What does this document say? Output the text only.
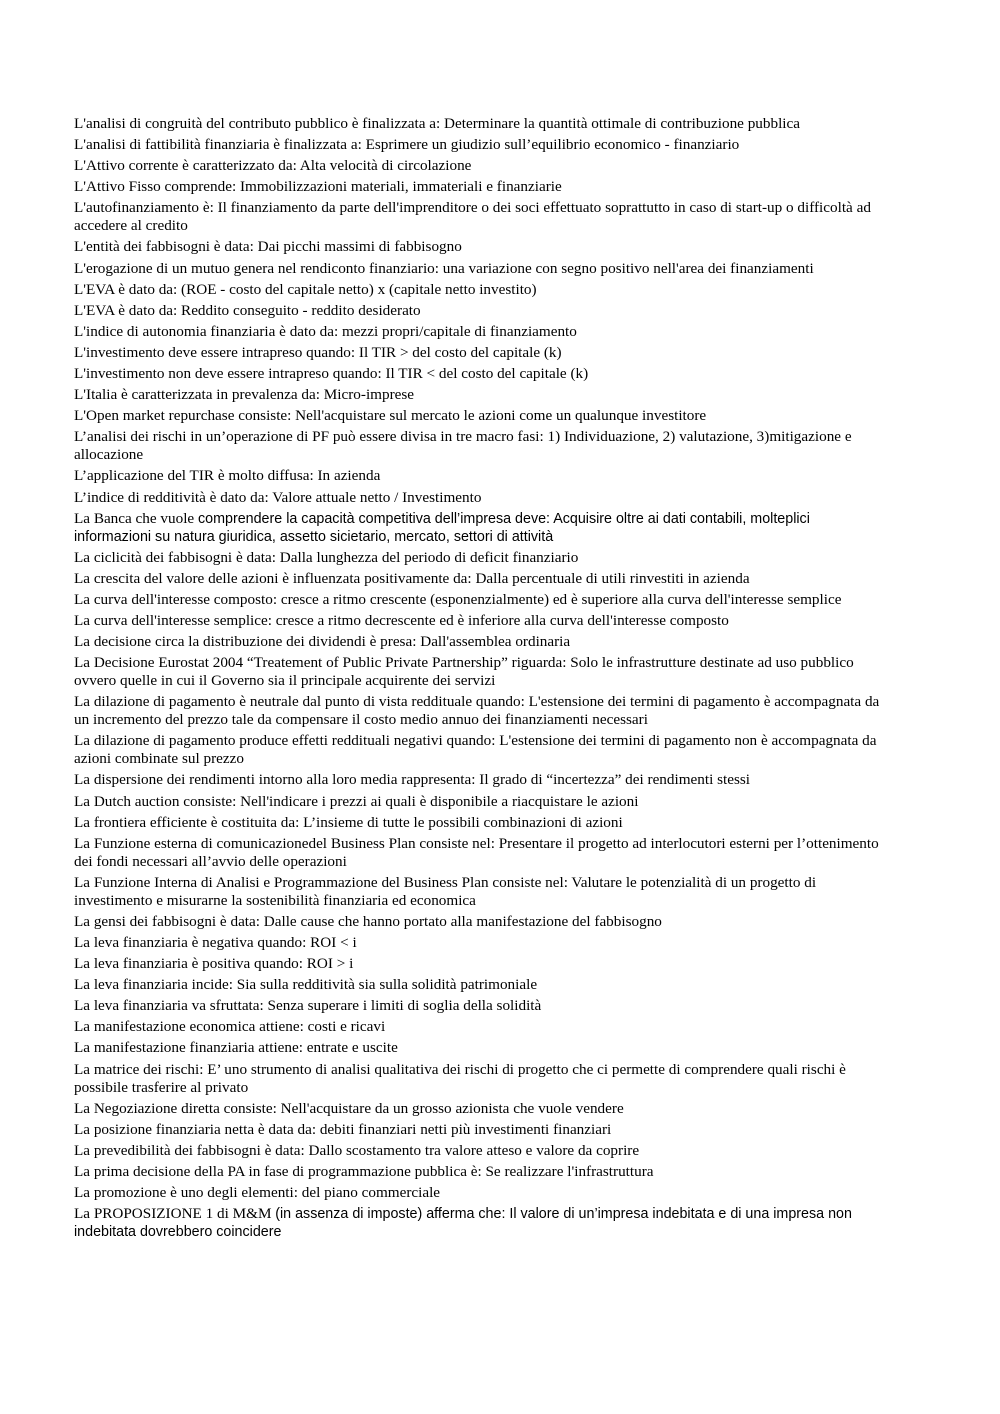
L'analisi di congruità del contributo pubblico è finalizzata a: Determinare la quantità ottimale di contribuzione pubblica

L'analisi di fattibilità finanziaria è finalizzata a: Esprimere un giudizio sull’equilibrio economico - finanziario

L'Attivo corrente è caratterizzato da: Alta velocità di circolazione

L'Attivo Fisso comprende: Immobilizzazioni materiali, immateriali e finanziarie

L'autofinanziamento è: Il finanziamento da parte dell'imprenditore o dei soci effettuato soprattutto in caso di start-up o difficoltà ad accedere al credito

L'entità dei fabbisogni è data: Dai picchi massimi di fabbisogno

L'erogazione di un mutuo genera nel rendiconto finanziario: una variazione con segno positivo nell'area dei finanziamenti

L'EVA è dato da: (ROE - costo del capitale netto) x (capitale netto investito)

L'EVA è dato da: Reddito conseguito - reddito desiderato

L'indice di autonomia finanziaria è dato da: mezzi propri/capitale di finanziamento

L'investimento deve essere intrapreso quando: Il TIR > del costo del capitale (k)

L'investimento non deve essere intrapreso quando: Il TIR < del costo del capitale (k)

L'Italia è caratterizzata in prevalenza da: Micro-imprese

L'Open market repurchase consiste: Nell'acquistare sul mercato le azioni come un qualunque investitore

L’analisi dei rischi in un’operazione di PF può essere divisa in tre macro fasi: 1) Individuazione, 2) valutazione, 3)mitigazione e allocazione

L’applicazione del TIR è molto diffusa: In azienda

L’indice di redditività è dato da: Valore attuale netto / Investimento

La Banca che vuole comprendere la capacità competitiva dell’impresa deve: Acquisire oltre ai dati contabili, molteplici informazioni su natura giuridica, assetto sicietario, mercato, settori di attività

La ciclicità dei fabbisogni è data: Dalla lunghezza del periodo di deficit finanziario

La crescita del valore delle azioni è influenzata positivamente da: Dalla percentuale di utili rinvestiti in azienda

La curva dell'interesse composto: cresce a ritmo crescente (esponenzialmente) ed è superiore alla curva dell'interesse semplice

La curva dell'interesse semplice: cresce a ritmo decrescente ed è inferiore alla curva dell'interesse composto

La decisione circa la distribuzione dei dividendi è presa: Dall'assemblea ordinaria

La Decisione Eurostat 2004 “Treatement of Public Private Partnership” riguarda: Solo le infrastrutture destinate ad uso pubblico ovvero quelle in cui il Governo sia il principale acquirente dei servizi

La dilazione di pagamento è neutrale dal punto di vista reddituale quando: L'estensione dei termini di pagamento è accompagnata da un incremento del prezzo tale da compensare il costo medio annuo dei finanziamenti necessari

La dilazione di pagamento produce effetti reddituali negativi quando: L'estensione dei termini di pagamento non è accompagnata da azioni combinate sul prezzo

La dispersione dei rendimenti intorno alla loro media rappresenta: Il grado di “incertezza” dei rendimenti stessi

La Dutch auction consiste: Nell'indicare i prezzi ai quali è disponibile a riacquistare le azioni

La frontiera efficiente è costituita da: L’insieme di tutte le possibili combinazioni di azioni

La Funzione esterna di comunicazionedel Business Plan consiste nel: Presentare il progetto ad interlocutori esterni per l’ottenimento dei fondi necessari all’avvio delle operazioni

La Funzione Interna di Analisi e Programmazione del Business Plan consiste nel: Valutare le potenzialità di un progetto di investimento e misurarne la sostenibilità finanziaria ed economica

La gensi dei fabbisogni è data: Dalle cause che hanno portato alla manifestazione del fabbisogno

La leva finanziaria è negativa quando: ROI < i

La leva finanziaria è positiva quando: ROI > i

La leva finanziaria incide: Sia sulla redditività sia sulla solidità patrimoniale

La leva finanziaria va sfruttata: Senza superare i limiti di soglia della solidità

La manifestazione economica attiene: costi e ricavi

La manifestazione finanziaria attiene: entrate e uscite

La matrice dei rischi: E’ uno strumento di analisi qualitativa dei rischi di progetto che ci permette di comprendere quali rischi è possibile trasferire al privato

La Negoziazione diretta consiste: Nell'acquistare da un grosso azionista che vuole vendere

La posizione finanziaria netta è data da: debiti finanziari netti più investimenti finanziari

La prevedibilità dei fabbisogni è data: Dallo scostamento tra valore atteso e valore da coprire

La prima decisione della PA in fase di programmazione pubblica è: Se realizzare l'infrastruttura

La promozione è uno degli elementi: del piano commerciale

La PROPOSIZIONE 1 di M&M (in assenza di imposte) afferma che: Il valore di un’impresa indebitata e di una impresa non indebitata dovrebbero coincidere
